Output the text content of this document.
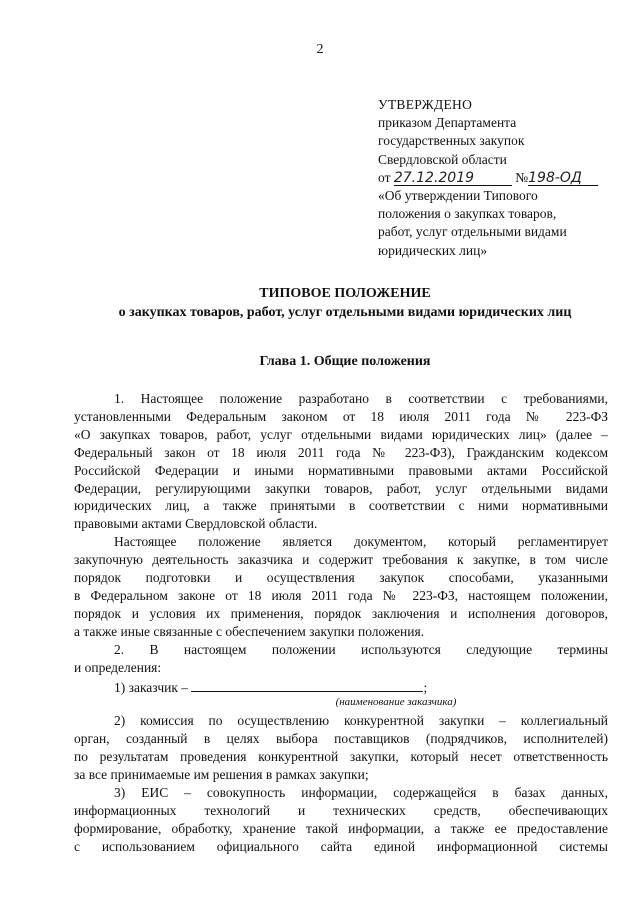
2
УТВЕРЖДЕНО
приказом Департамента
государственных закупок
Свердловской области
от 27.12.2019	№198-ОД
«Об утверждении Типового
положения о закупках товаров,
работ, услуг отдельными видами
юридических лиц»
ТИПОВОЕ ПОЛОЖЕНИЕ
о закупках товаров, работ, услуг отдельными видами юридических лиц
Глава 1. Общие положения

1. Настоящее положение разработано в соответствии с требованиями,
установленными Федеральным законом от 18 июля 2011 года № 223-ФЗ
«О закупках товаров, работ, услуг отдельными видами юридических лиц» (далее –
Федеральный закон от 18 июля 2011 года № 223-ФЗ), Гражданским кодексом
Российской Федерации и иными нормативными правовыми актами Российской
Федерации, регулирующими закупки товаров, работ, услуг отдельными видами
юридических лиц, а также принятыми в соответствии с ними нормативными
правовыми актами Свердловской области.

Настоящее положение является документом, который регламентирует
закупочную деятельность заказчика и содержит требования к закупке, в том числе
порядок подготовки и осуществления закупок способами, указанными
в Федеральном законе от 18 июля 2011 года № 223-ФЗ, настоящем положении,
порядок и условия их применения, порядок заключения и исполнения договоров,
а также иные связанные с обеспечением закупки положения.

2. В настоящем положении используются следующие термины
и определения:

1) заказчик –	;

(наименование заказчика)

2) комиссия по осуществлению конкурентной закупки – коллегиальный
орган, созданный в целях выбора поставщиков (подрядчиков, исполнителей)
по результатам проведения конкурентной закупки, который несет ответственность
за все принимаемые им решения в рамках закупки;

3) ЕИС – совокупность информации, содержащейся в базах данных,
информационных технологий и технических средств, обеспечивающих
формирование, обработку, хранение такой информации, а также ее предоставление
с использованием официального сайта единой информационной системы
